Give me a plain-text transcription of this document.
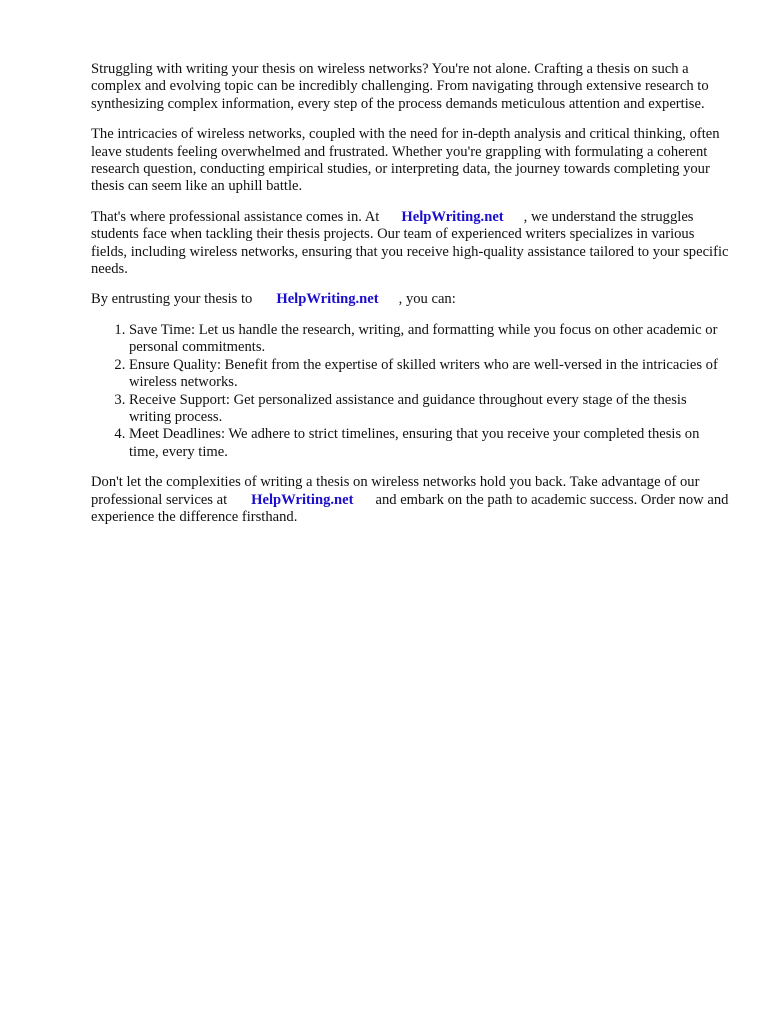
Struggling with writing your thesis on wireless networks? You're not alone. Crafting a thesis on such a complex and evolving topic can be incredibly challenging. From navigating through extensive research to synthesizing complex information, every step of the process demands meticulous attention and expertise.

The intricacies of wireless networks, coupled with the need for in-depth analysis and critical thinking, often leave students feeling overwhelmed and frustrated. Whether you're grappling with formulating a coherent research question, conducting empirical studies, or interpreting data, the journey towards completing your thesis can seem like an uphill battle.

That's where professional assistance comes in. At HelpWriting.net , we understand the struggles students face when tackling their thesis projects. Our team of experienced writers specializes in various fields, including wireless networks, ensuring that you receive high-quality assistance tailored to your specific needs.

By entrusting your thesis to HelpWriting.net , you can:

1. Save Time: Let us handle the research, writing, and formatting while you focus on other academic or personal commitments.
2. Ensure Quality: Benefit from the expertise of skilled writers who are well-versed in the intricacies of wireless networks.
3. Receive Support: Get personalized assistance and guidance throughout every stage of the thesis writing process.
4. Meet Deadlines: We adhere to strict timelines, ensuring that you receive your completed thesis on time, every time.

Don't let the complexities of writing a thesis on wireless networks hold you back. Take advantage of our professional services at HelpWriting.net and embark on the path to academic success. Order now and experience the difference firsthand.
